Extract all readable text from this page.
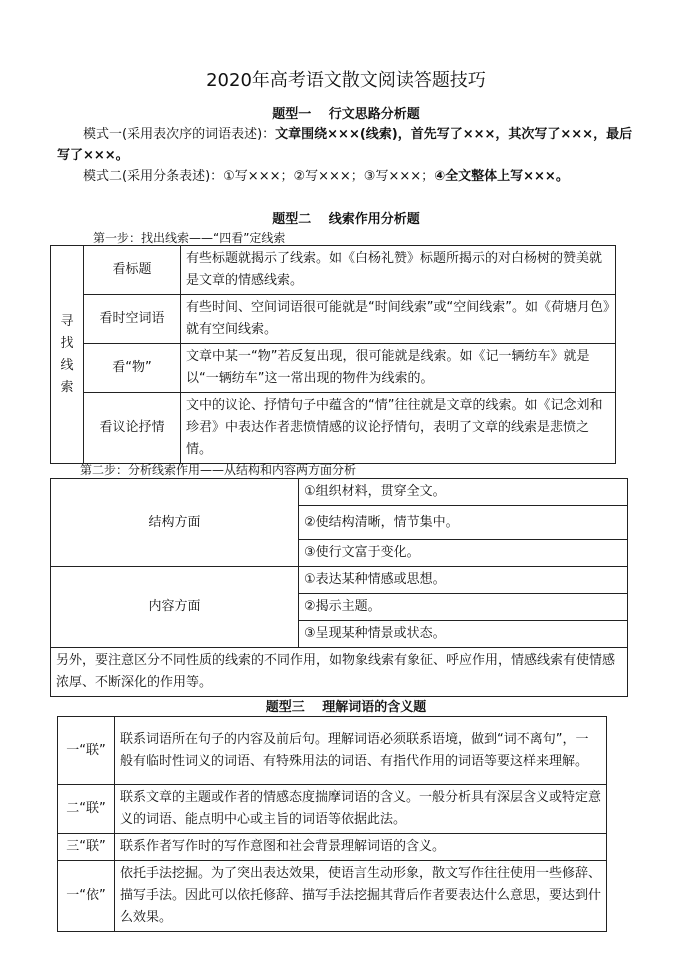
2020年高考语文散文阅读答题技巧
题型一　 行文思路分析题
模式一(采用表次序的词语表述)：文章围绕×××(线索)，首先写了×××，其次写了×××，最后写了×××。
模式二(采用分条表述)：①写×××；②写×××；③写×××；④全文整体上写×××。
题型二　 线索作用分析题
第一步：找出线索——“四看”定线索
寻找线索	看标题	有些标题就揭示了线索。如《白杨礼赞》标题所揭示的对白杨树的赞美就是文章的情感线索。
	看时空词语	有些时间、空间词语很可能就是“时间线索”或“空间线索”。如《荷塘月色》就有空间线索。
	看“物”	文章中某一“物”若反复出现，很可能就是线索。如《记一辆纺车》就是以“一辆纺车”这一常出现的物件为线索的。
	看议论抒情	文中的议论、抒情句子中蕴含的“情”往往就是文章的线索。如《记念刘和珍君》中表达作者悲愤情感的议论抒情句，表明了文章的线索是悲愤之情。
第二步：分析线索作用——从结构和内容两方面分析
结构方面	①组织材料，贯穿全文。
	②使结构清晰，情节集中。
	③使行文富于变化。
内容方面	①表达某种情感或思想。
	②揭示主题。
	③呈现某种情景或状态。
另外，要注意区分不同性质的线索的不同作用，如物象线索有象征、呼应作用，情感线索有使情感浓厚、不断深化的作用等。	
题型三　 理解词语的含义题
一“联”	联系词语所在句子的内容及前后句。理解词语必须联系语境，做到“词不离句”，一般有临时性词义的词语、有特殊用法的词语、有指代作用的词语等要这样来理解。
二“联”	联系文章的主题或作者的情感态度揣摩词语的含义。一般分析具有深层含义或特定意义的词语、能点明中心或主旨的词语等依据此法。
三“联”	联系作者写作时的写作意图和社会背景理解词语的含义。
一“依”	依托手法挖掘。为了突出表达效果，使语言生动形象，散文写作往往使用一些修辞、描写手法。因此可以依托修辞、描写手法挖掘其背后作者要表达什么意思，要达到什么效果。
